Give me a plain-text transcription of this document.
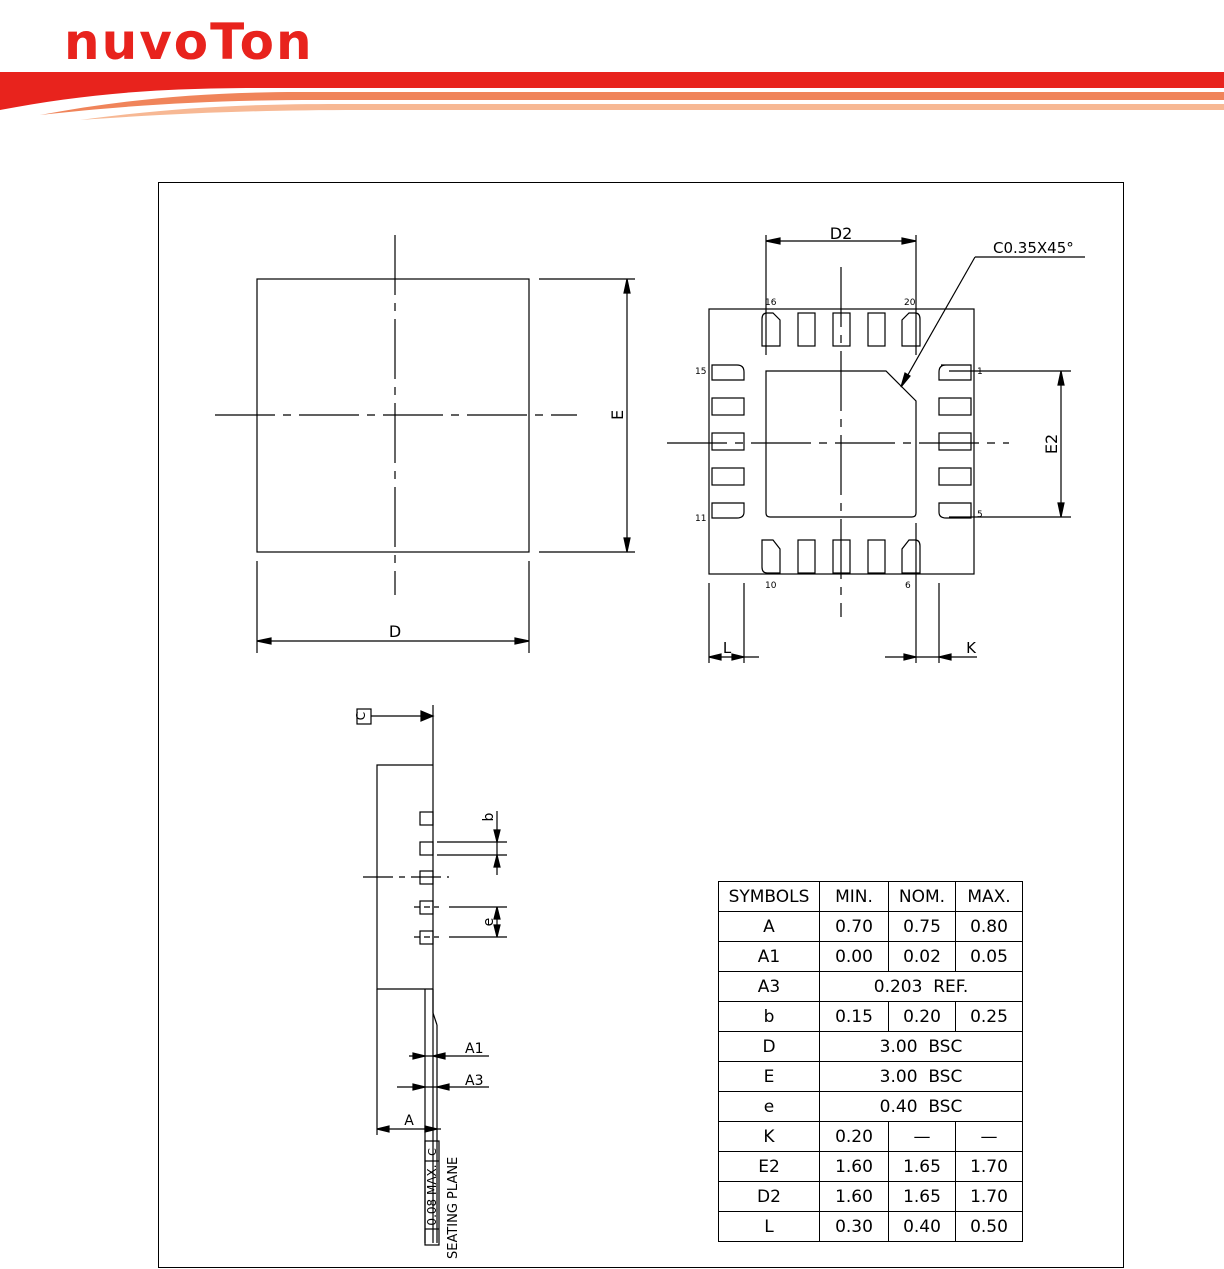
nuvoTon
D
E
D2
E2
C0.35X45°
L	K
16	20
15	1
11	5
10	6
C
b
e
A1
A3
A
0.08 MAX.
C
SEATING PLANE
SYMBOLS	MIN.	NOM.	MAX.
A	0.70	0.75	0.80
A1	0.00	0.02	0.05
A3	0.203  REF.		
b	0.15	0.20	0.25
D	3.00  BSC		
E	3.00  BSC		
e	0.40  BSC		
K	0.20	—	—
E2	1.60	1.65	1.70
D2	1.60	1.65	1.70
L	0.30	0.40	0.50
